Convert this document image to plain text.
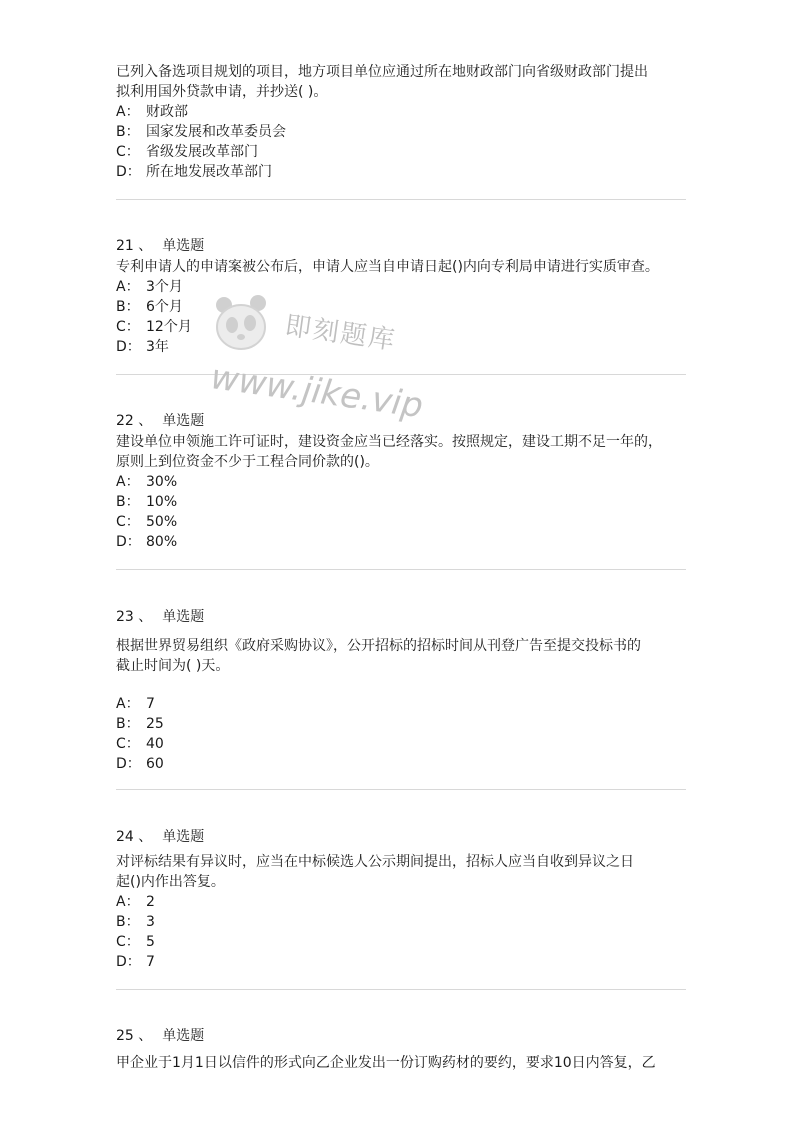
已列入备选项目规划的项目，地方项目单位应通过所在地财政部门向省级财政部门提出
拟利用国外贷款申请，并抄送( )。
A： 财政部
B： 国家发展和改革委员会
C： 省级发展改革部门
D： 所在地发展改革部门
21 、 单选题
专利申请人的申请案被公布后，申请人应当自申请日起()内向专利局申请进行实质审查。
A： 3个月
B： 6个月
C： 12个月
D： 3年
22 、 单选题
建设单位申领施工许可证时，建设资金应当已经落实。按照规定，建设工期不足一年的，
原则上到位资金不少于工程合同价款的()。
A： 30%
B： 10%
C： 50%
D： 80%
23 、 单选题
根据世界贸易组织《政府采购协议》，公开招标的招标时间从刊登广告至提交投标书的
截止时间为( )天。
A： 7
B： 25
C： 40
D： 60
24 、 单选题
对评标结果有异议时，应当在中标候选人公示期间提出，招标人应当自收到异议之日
起()内作出答复。
A： 2
B： 3
C： 5
D： 7
25 、 单选题
甲企业于1月1日以信件的形式向乙企业发出一份订购药材的要约，要求10日内答复，乙
即刻题库
www.jike.vip
